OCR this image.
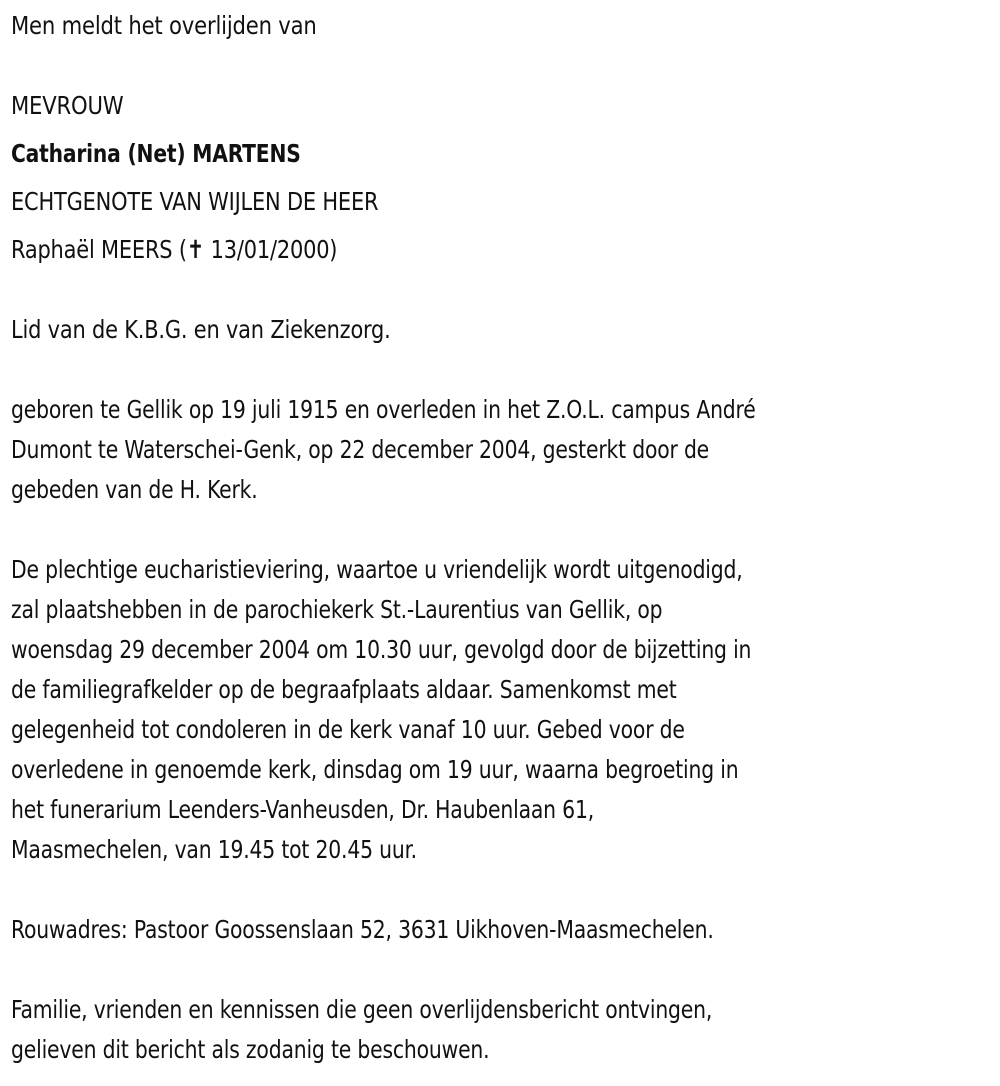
Men meldt het overlijden van
MEVROUW
Catharina (Net) MARTENS
ECHTGENOTE VAN WIJLEN DE HEER
Raphaël MEERS (✝ 13/01/2000)
Lid van de K.B.G. en van Ziekenzorg.
geboren te Gellik op 19 juli 1915 en overleden in het Z.O.L. campus André
Dumont te Waterschei-Genk, op 22 december 2004, gesterkt door de
gebeden van de H. Kerk.
De plechtige eucharistieviering, waartoe u vriendelijk wordt uitgenodigd,
zal plaatshebben in de parochiekerk St.-Laurentius van Gellik, op
woensdag 29 december 2004 om 10.30 uur, gevolgd door de bijzetting in
de familiegrafkelder op de begraafplaats aldaar. Samenkomst met
gelegenheid tot condoleren in de kerk vanaf 10 uur. Gebed voor de
overledene in genoemde kerk, dinsdag om 19 uur, waarna begroeting in
het funerarium Leenders-Vanheusden, Dr. Haubenlaan 61,
Maasmechelen, van 19.45 tot 20.45 uur.
Rouwadres: Pastoor Goossenslaan 52, 3631 Uikhoven-Maasmechelen.
Familie, vrienden en kennissen die geen overlijdensbericht ontvingen,
gelieven dit bericht als zodanig te beschouwen.
